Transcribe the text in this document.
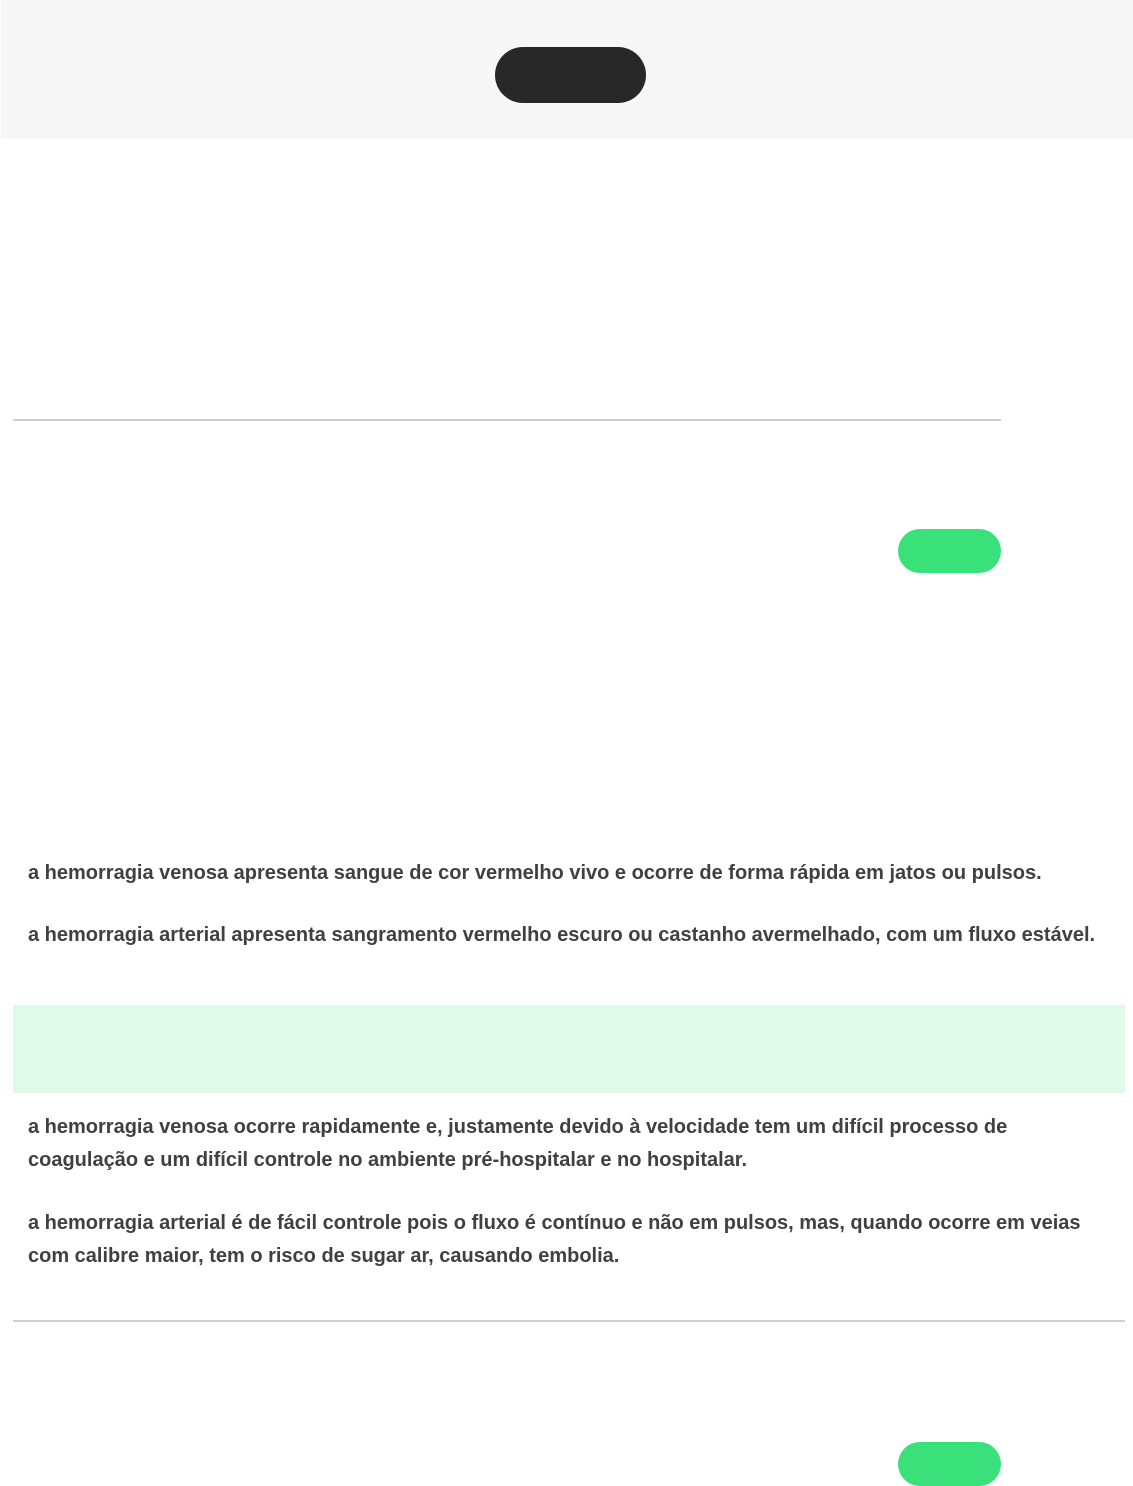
a hemorragia venosa apresenta sangue de cor vermelho vivo e ocorre de forma rápida em jatos ou pulsos.

a hemorragia arterial apresenta sangramento vermelho escuro ou castanho avermelhado, com um fluxo estável.

a hemorragia venosa ocorre rapidamente e, justamente devido à velocidade tem um difícil processo de coagulação e um difícil controle no ambiente pré-hospitalar e no hospitalar.

a hemorragia arterial é de fácil controle pois o fluxo é contínuo e não em pulsos, mas, quando ocorre em veias com calibre maior, tem o risco de sugar ar, causando embolia.
